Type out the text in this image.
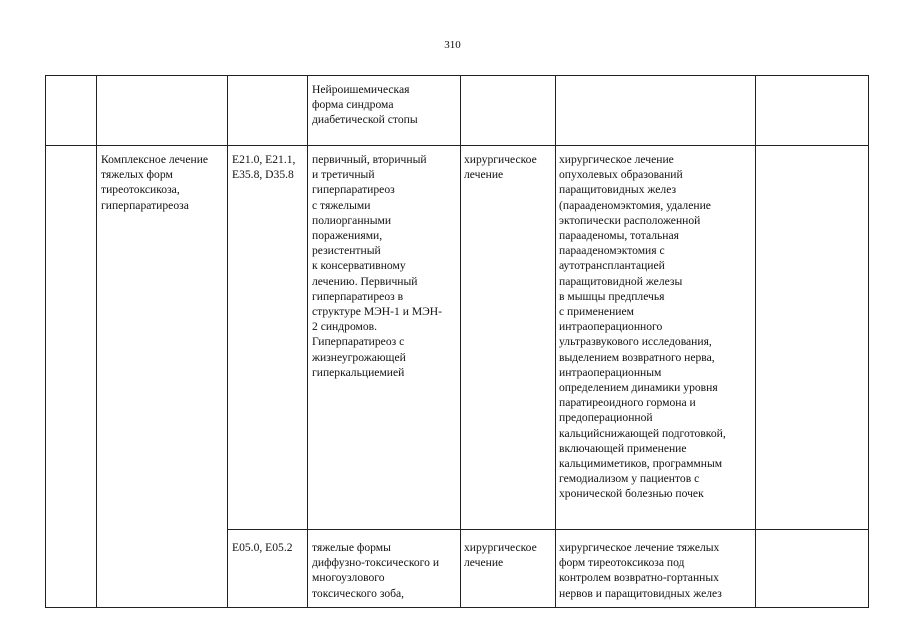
310
Нейроишемическая
форма синдрома
диабетической стопы
Комплексное лечение
тяжелых форм
тиреотоксикоза,
гиперпаратиреоза
E21.0, E21.1,
E35.8, D35.8
первичный, вторичный
и третичный
гиперпаратиреоз
с тяжелыми
полиорганными
поражениями,
резистентный
к консервативному
лечению. Первичный
гиперпаратиреоз в
структуре МЭН-1 и МЭН-
2 синдромов.
Гиперпаратиреоз с
жизнеугрожающей
гиперкальциемией
хирургическое
лечение
хирургическое лечение
опухолевых образований
паращитовидных желез
(парааденомэктомия, удаление
эктопически расположенной
парааденомы, тотальная
парааденомэктомия с
аутотрансплантацией
паращитовидной железы
в мышцы предплечья
с применением
интраоперационного
ультразвукового исследования,
выделением возвратного нерва,
интраоперационным
определением динамики уровня
паратиреоидного гормона и
предоперационной
кальцийснижающей подготовкой,
включающей применение
кальцимиметиков, программным
гемодиализом у пациентов с
хронической болезнью почек
E05.0, E05.2	тяжелые формы
диффузно-токсического и
многоузлового
токсического зоба,
хирургическое
лечение
хирургическое лечение тяжелых
форм тиреотоксикоза под
контролем возвратно-гортанных
нервов и паращитовидных желез
